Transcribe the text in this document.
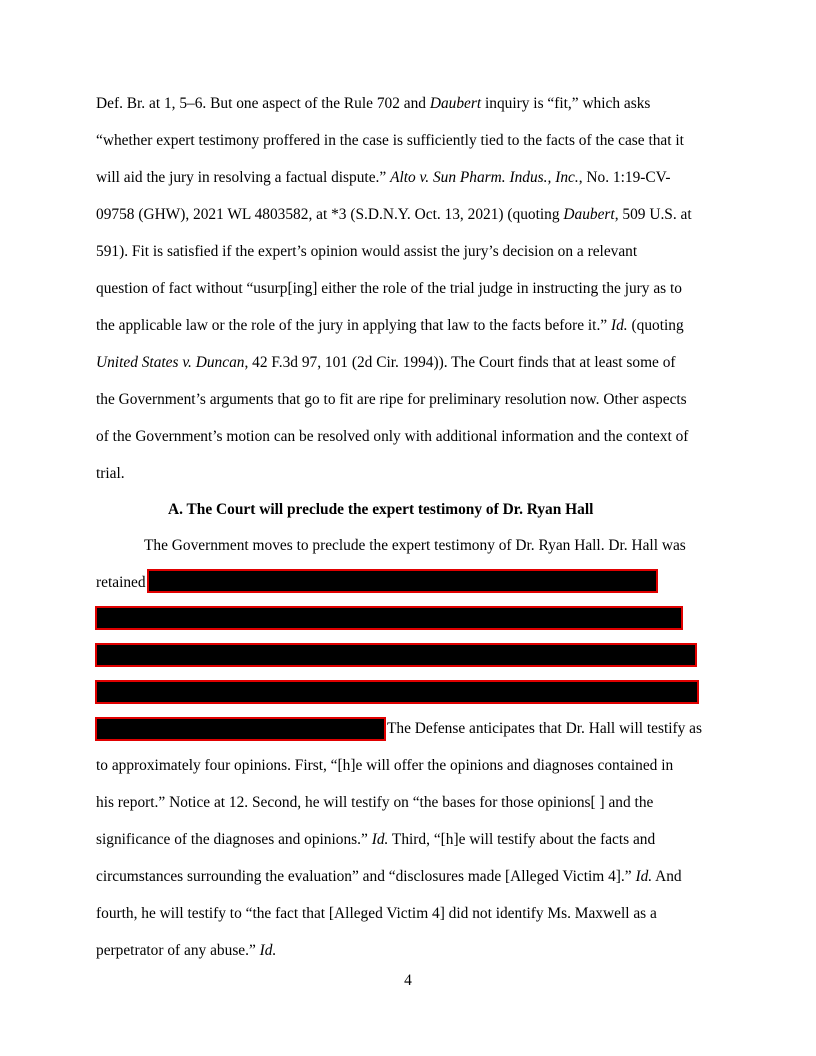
Def. Br. at 1, 5–6. But one aspect of the Rule 702 and Daubert inquiry is “fit,” which asks
“whether expert testimony proffered in the case is sufficiently tied to the facts of the case that it
will aid the jury in resolving a factual dispute.” Alto v. Sun Pharm. Indus., Inc., No. 1:19-CV-
09758 (GHW), 2021 WL 4803582, at *3 (S.D.N.Y. Oct. 13, 2021) (quoting Daubert, 509 U.S. at
591). Fit is satisfied if the expert’s opinion would assist the jury’s decision on a relevant
question of fact without “usurp[ing] either the role of the trial judge in instructing the jury as to
the applicable law or the role of the jury in applying that law to the facts before it.” Id. (quoting
United States v. Duncan, 42 F.3d 97, 101 (2d Cir. 1994)). The Court finds that at least some of
the Government’s arguments that go to fit are ripe for preliminary resolution now. Other aspects
of the Government’s motion can be resolved only with additional information and the context of
trial.
A. The Court will preclude the expert testimony of Dr. Ryan Hall
The Government moves to preclude the expert testimony of Dr. Ryan Hall. Dr. Hall was
retained
The Defense anticipates that Dr. Hall will testify as
to approximately four opinions. First, “[h]e will offer the opinions and diagnoses contained in
his report.” Notice at 12. Second, he will testify on “the bases for those opinions[ ] and the
significance of the diagnoses and opinions.” Id. Third, “[h]e will testify about the facts and
circumstances surrounding the evaluation” and “disclosures made [Alleged Victim 4].” Id. And
fourth, he will testify to “the fact that [Alleged Victim 4] did not identify Ms. Maxwell as a
perpetrator of any abuse.” Id.
4
